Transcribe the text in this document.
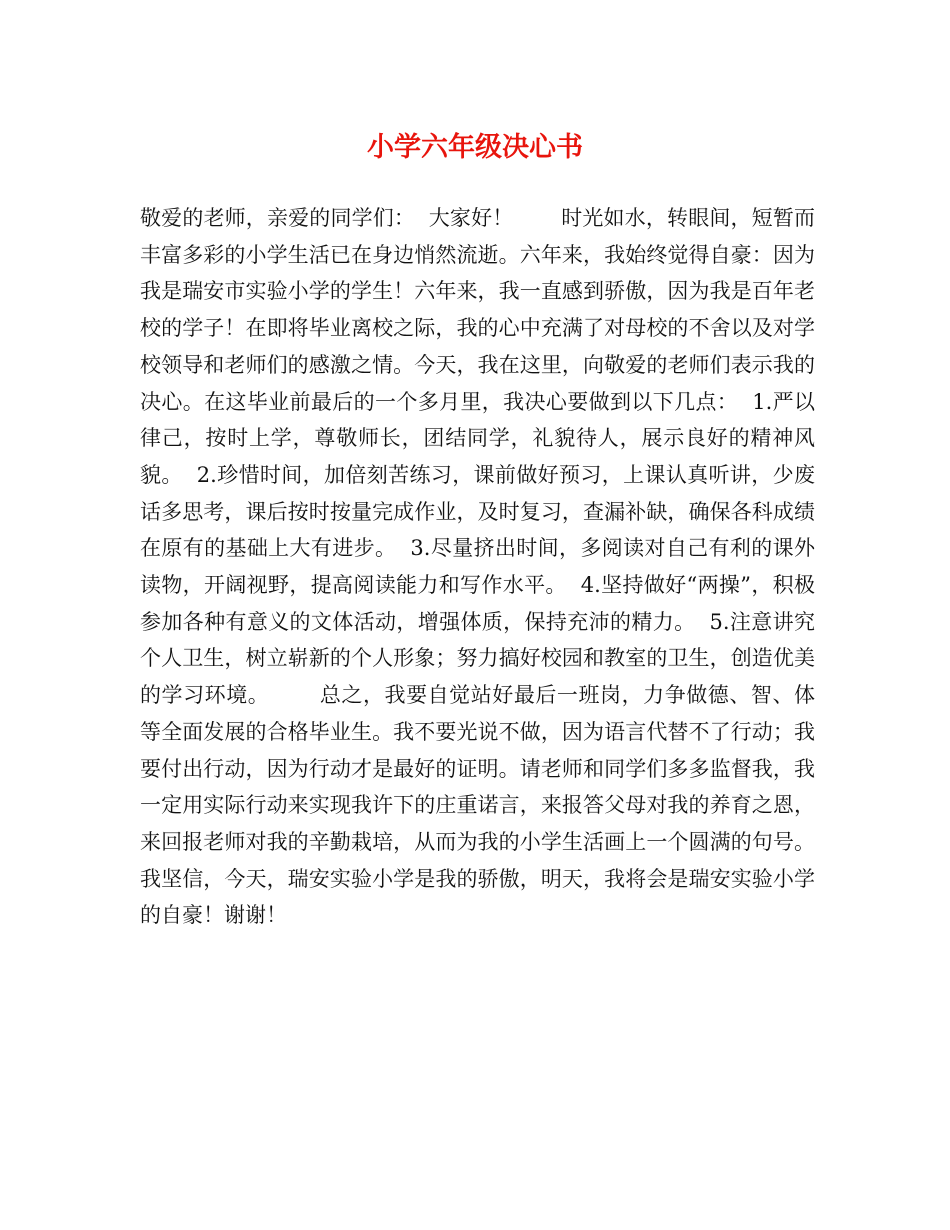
小学六年级决心书

敬爱的老师，亲爱的同学们：  大家好！       时光如水，转眼间，短暂而丰富多彩的小学生活已在身边悄然流逝。六年来，我始终觉得自豪：因为我是瑞安市实验小学的学生！六年来，我一直感到骄傲，因为我是百年老校的学子！在即将毕业离校之际，我的心中充满了对母校的不舍以及对学校领导和老师们的感激之情。今天，我在这里，向敬爱的老师们表示我的决心。在这毕业前最后的一个多月里，我决心要做到以下几点：  1.严以律己，按时上学，尊敬师长，团结同学，礼貌待人，展示良好的精神风貌。  2.珍惜时间，加倍刻苦练习，课前做好预习，上课认真听讲，少废话多思考，课后按时按量完成作业，及时复习，查漏补缺，确保各科成绩在原有的基础上大有进步。  3.尽量挤出时间，多阅读对自己有利的课外读物，开阔视野，提高阅读能力和写作水平。  4.坚持做好“两操”，积极参加各种有意义的文体活动，增强体质，保持充沛的精力。  5.注意讲究个人卫生，树立崭新的个人形象；努力搞好校园和教室的卫生，创造优美的学习环境。       总之，我要自觉站好最后一班岗，力争做德、智、体等全面发展的合格毕业生。我不要光说不做，因为语言代替不了行动；我要付出行动，因为行动才是最好的证明。请老师和同学们多多监督我，我一定用实际行动来实现我许下的庄重诺言，来报答父母对我的养育之恩，来回报老师对我的辛勤栽培，从而为我的小学生活画上一个圆满的句号。我坚信，今天，瑞安实验小学是我的骄傲，明天，我将会是瑞安实验小学的自豪！谢谢！
